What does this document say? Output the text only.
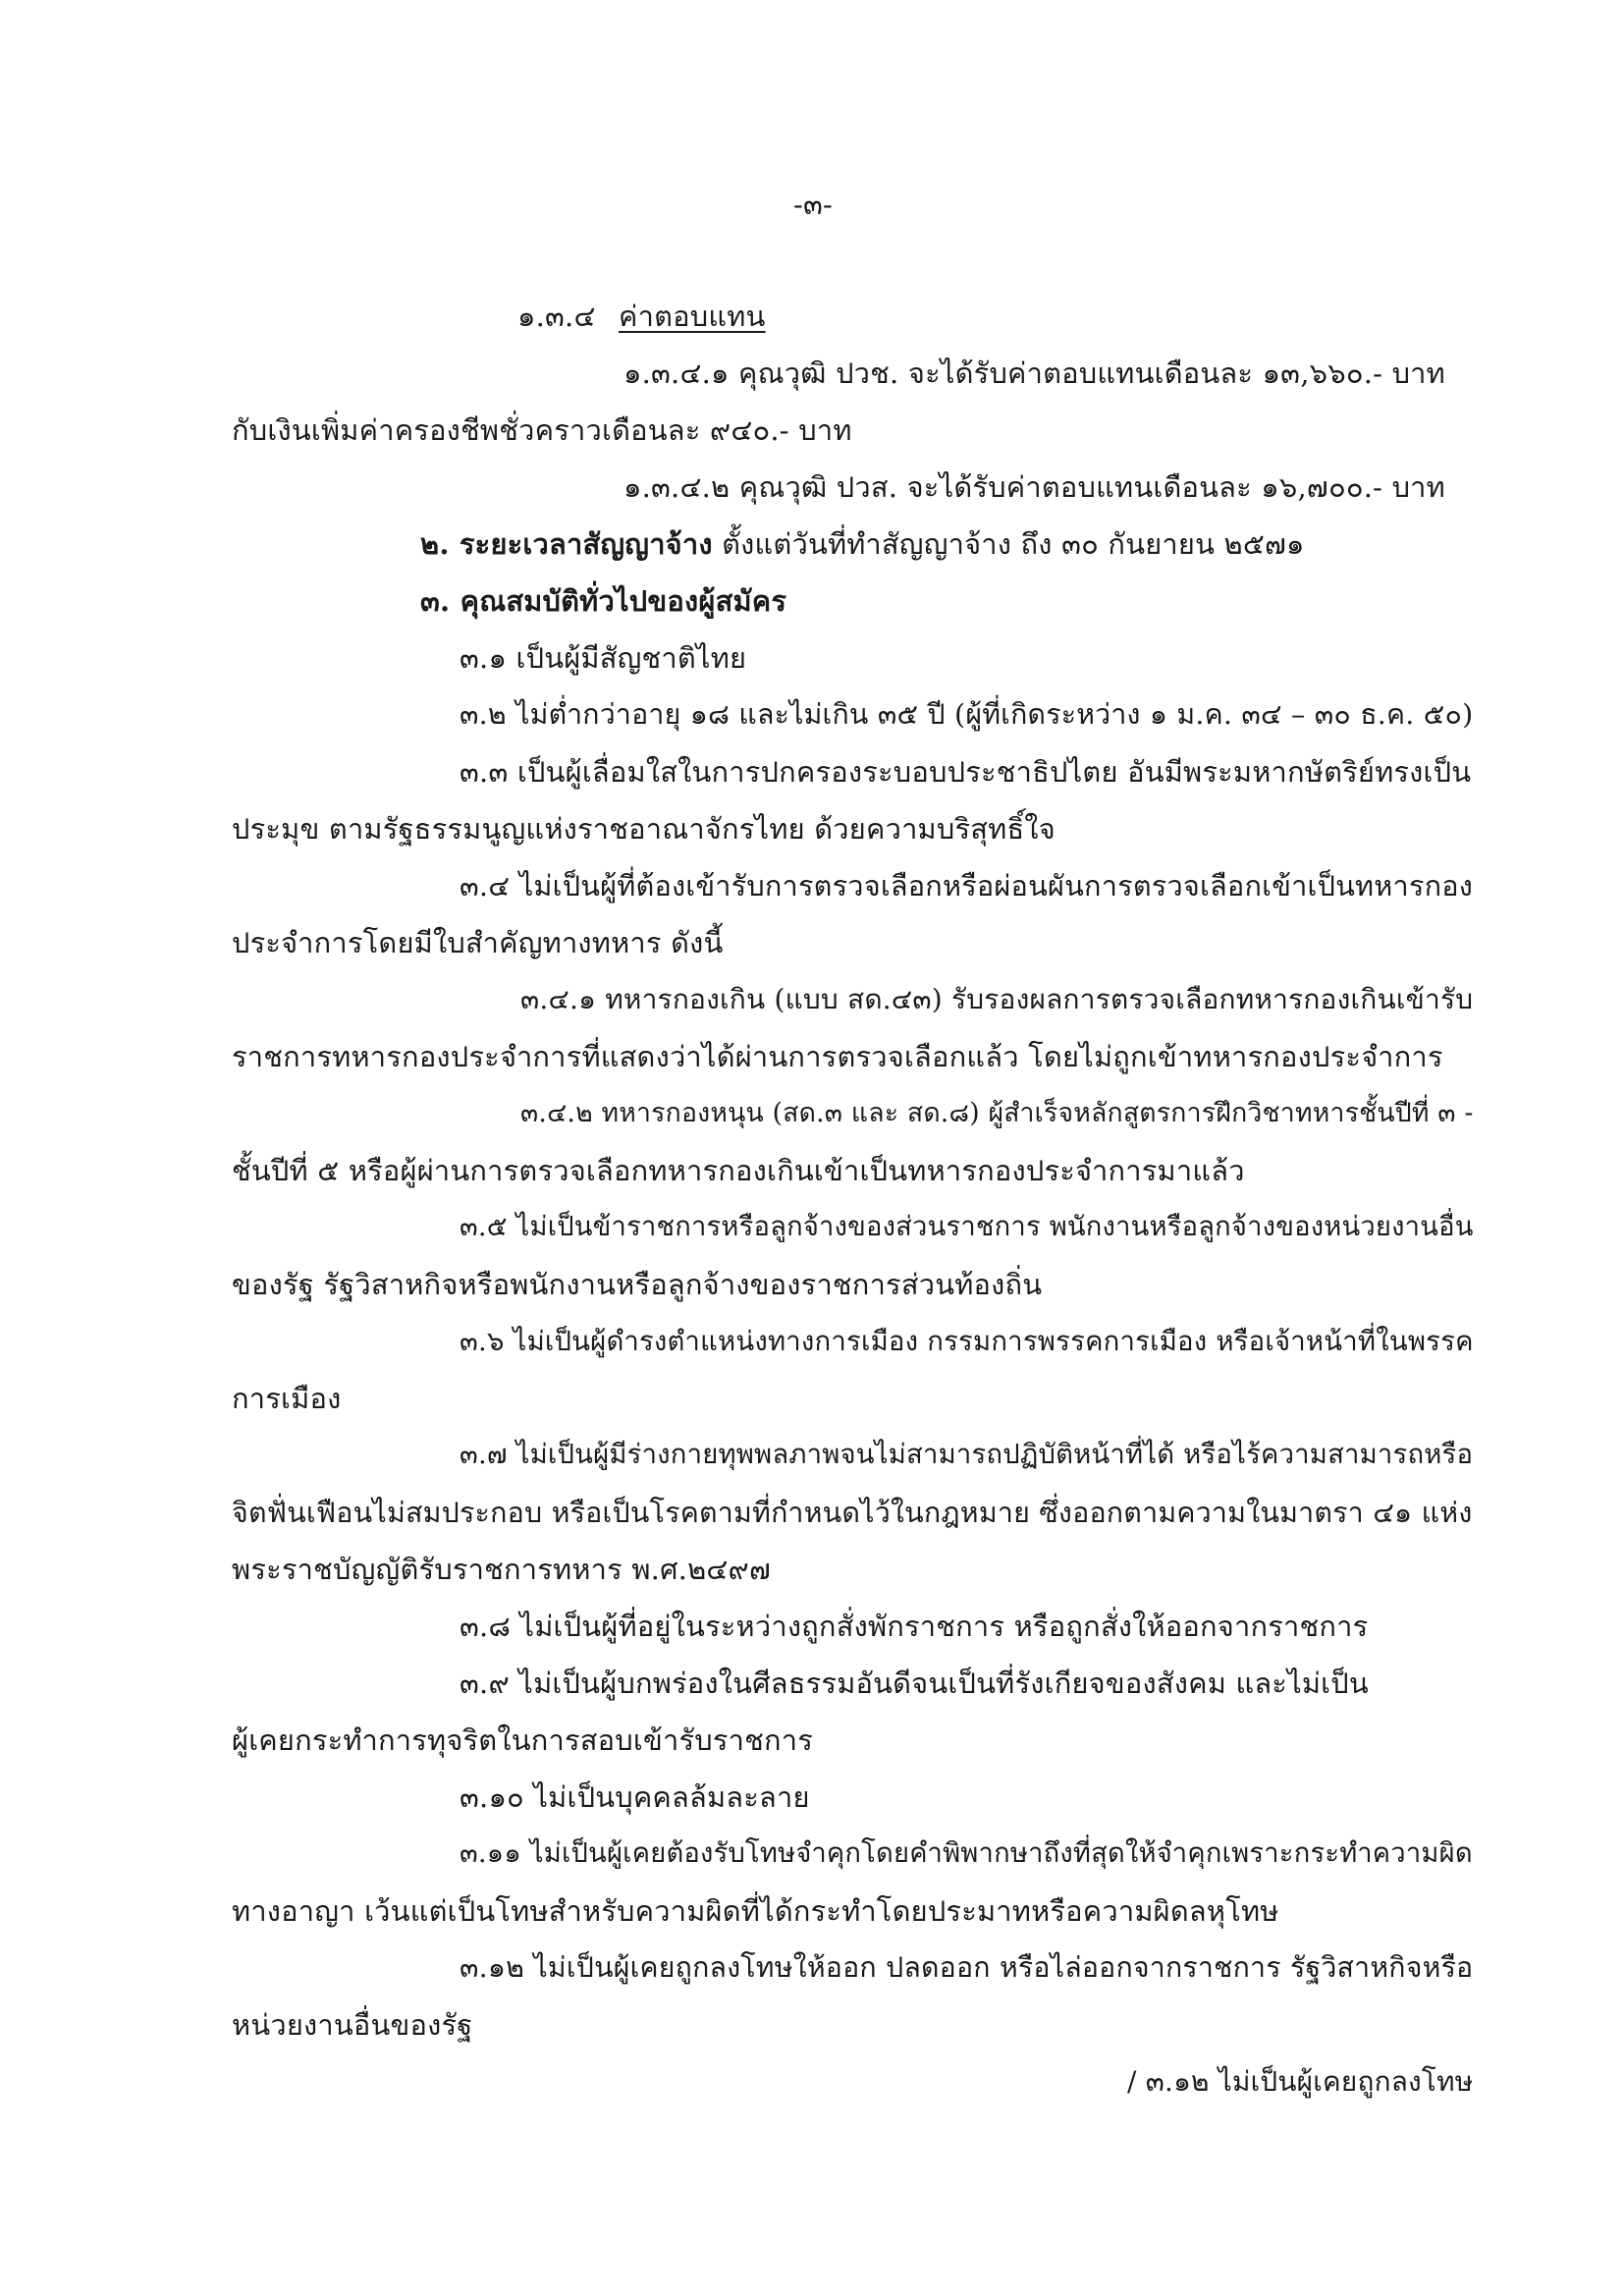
-๓-
๑.๓.๔ ค่าตอบแทน
๑.๓.๔.๑ คุณวุฒิ ปวช. จะได้รับค่าตอบแทนเดือนละ ๑๓,๖๖๐.- บาท
กับเงินเพิ่มค่าครองชีพชั่วคราวเดือนละ ๙๔๐.- บาท
๑.๓.๔.๒ คุณวุฒิ ปวส. จะได้รับค่าตอบแทนเดือนละ ๑๖,๗๐๐.- บาท
๒. ระยะเวลาสัญญาจ้าง ตั้งแต่วันที่ทำสัญญาจ้าง ถึง ๓๐ กันยายน ๒๕๗๑
๓. คุณสมบัติทั่วไปของผู้สมัคร
๓.๑ เป็นผู้มีสัญชาติไทย
๓.๒ ไม่ต่ำกว่าอายุ ๑๘ และไม่เกิน ๓๕ ปี (ผู้ที่เกิดระหว่าง ๑ ม.ค. ๓๔ – ๓๐ ธ.ค. ๕๐)
๓.๓ เป็นผู้เลื่อมใสในการปกครองระบอบประชาธิปไตย อันมีพระมหากษัตริย์ทรงเป็น
ประมุข ตามรัฐธรรมนูญแห่งราชอาณาจักรไทย ด้วยความบริสุทธิ์ใจ
๓.๔ ไม่เป็นผู้ที่ต้องเข้ารับการตรวจเลือกหรือผ่อนผันการตรวจเลือกเข้าเป็นทหารกอง
ประจำการโดยมีใบสำคัญทางทหาร ดังนี้
๓.๔.๑ ทหารกองเกิน (แบบ สด.๔๓) รับรองผลการตรวจเลือกทหารกองเกินเข้ารับ
ราชการทหารกองประจำการที่แสดงว่าได้ผ่านการตรวจเลือกแล้ว โดยไม่ถูกเข้าทหารกองประจำการ
๓.๔.๒ ทหารกองหนุน (สด.๓ และ สด.๘) ผู้สำเร็จหลักสูตรการฝึกวิชาทหารชั้นปีที่ ๓ -
ชั้นปีที่ ๕ หรือผู้ผ่านการตรวจเลือกทหารกองเกินเข้าเป็นทหารกองประจำการมาแล้ว
๓.๕ ไม่เป็นข้าราชการหรือลูกจ้างของส่วนราชการ พนักงานหรือลูกจ้างของหน่วยงานอื่น
ของรัฐ รัฐวิสาหกิจหรือพนักงานหรือลูกจ้างของราชการส่วนท้องถิ่น
๓.๖ ไม่เป็นผู้ดำรงตำแหน่งทางการเมือง กรรมการพรรคการเมือง หรือเจ้าหน้าที่ในพรรค
การเมือง
๓.๗ ไม่เป็นผู้มีร่างกายทุพพลภาพจนไม่สามารถปฏิบัติหน้าที่ได้ หรือไร้ความสามารถหรือ
จิตฟั่นเฟือนไม่สมประกอบ หรือเป็นโรคตามที่กำหนดไว้ในกฎหมาย ซึ่งออกตามความในมาตรา ๔๑ แห่ง
พระราชบัญญัติรับราชการทหาร พ.ศ.๒๔๙๗
๓.๘ ไม่เป็นผู้ที่อยู่ในระหว่างถูกสั่งพักราชการ หรือถูกสั่งให้ออกจากราชการ
๓.๙ ไม่เป็นผู้บกพร่องในศีลธรรมอันดีจนเป็นที่รังเกียจของสังคม และไม่เป็น
ผู้เคยกระทำการทุจริตในการสอบเข้ารับราชการ
๓.๑๐ ไม่เป็นบุคคลล้มละลาย
๓.๑๑ ไม่เป็นผู้เคยต้องรับโทษจำคุกโดยคำพิพากษาถึงที่สุดให้จำคุกเพราะกระทำความผิด
ทางอาญา เว้นแต่เป็นโทษสำหรับความผิดที่ได้กระทำโดยประมาทหรือความผิดลหุโทษ
๓.๑๒ ไม่เป็นผู้เคยถูกลงโทษให้ออก ปลดออก หรือไล่ออกจากราชการ รัฐวิสาหกิจหรือ
หน่วยงานอื่นของรัฐ
/ ๓.๑๒ ไม่เป็นผู้เคยถูกลงโทษ
